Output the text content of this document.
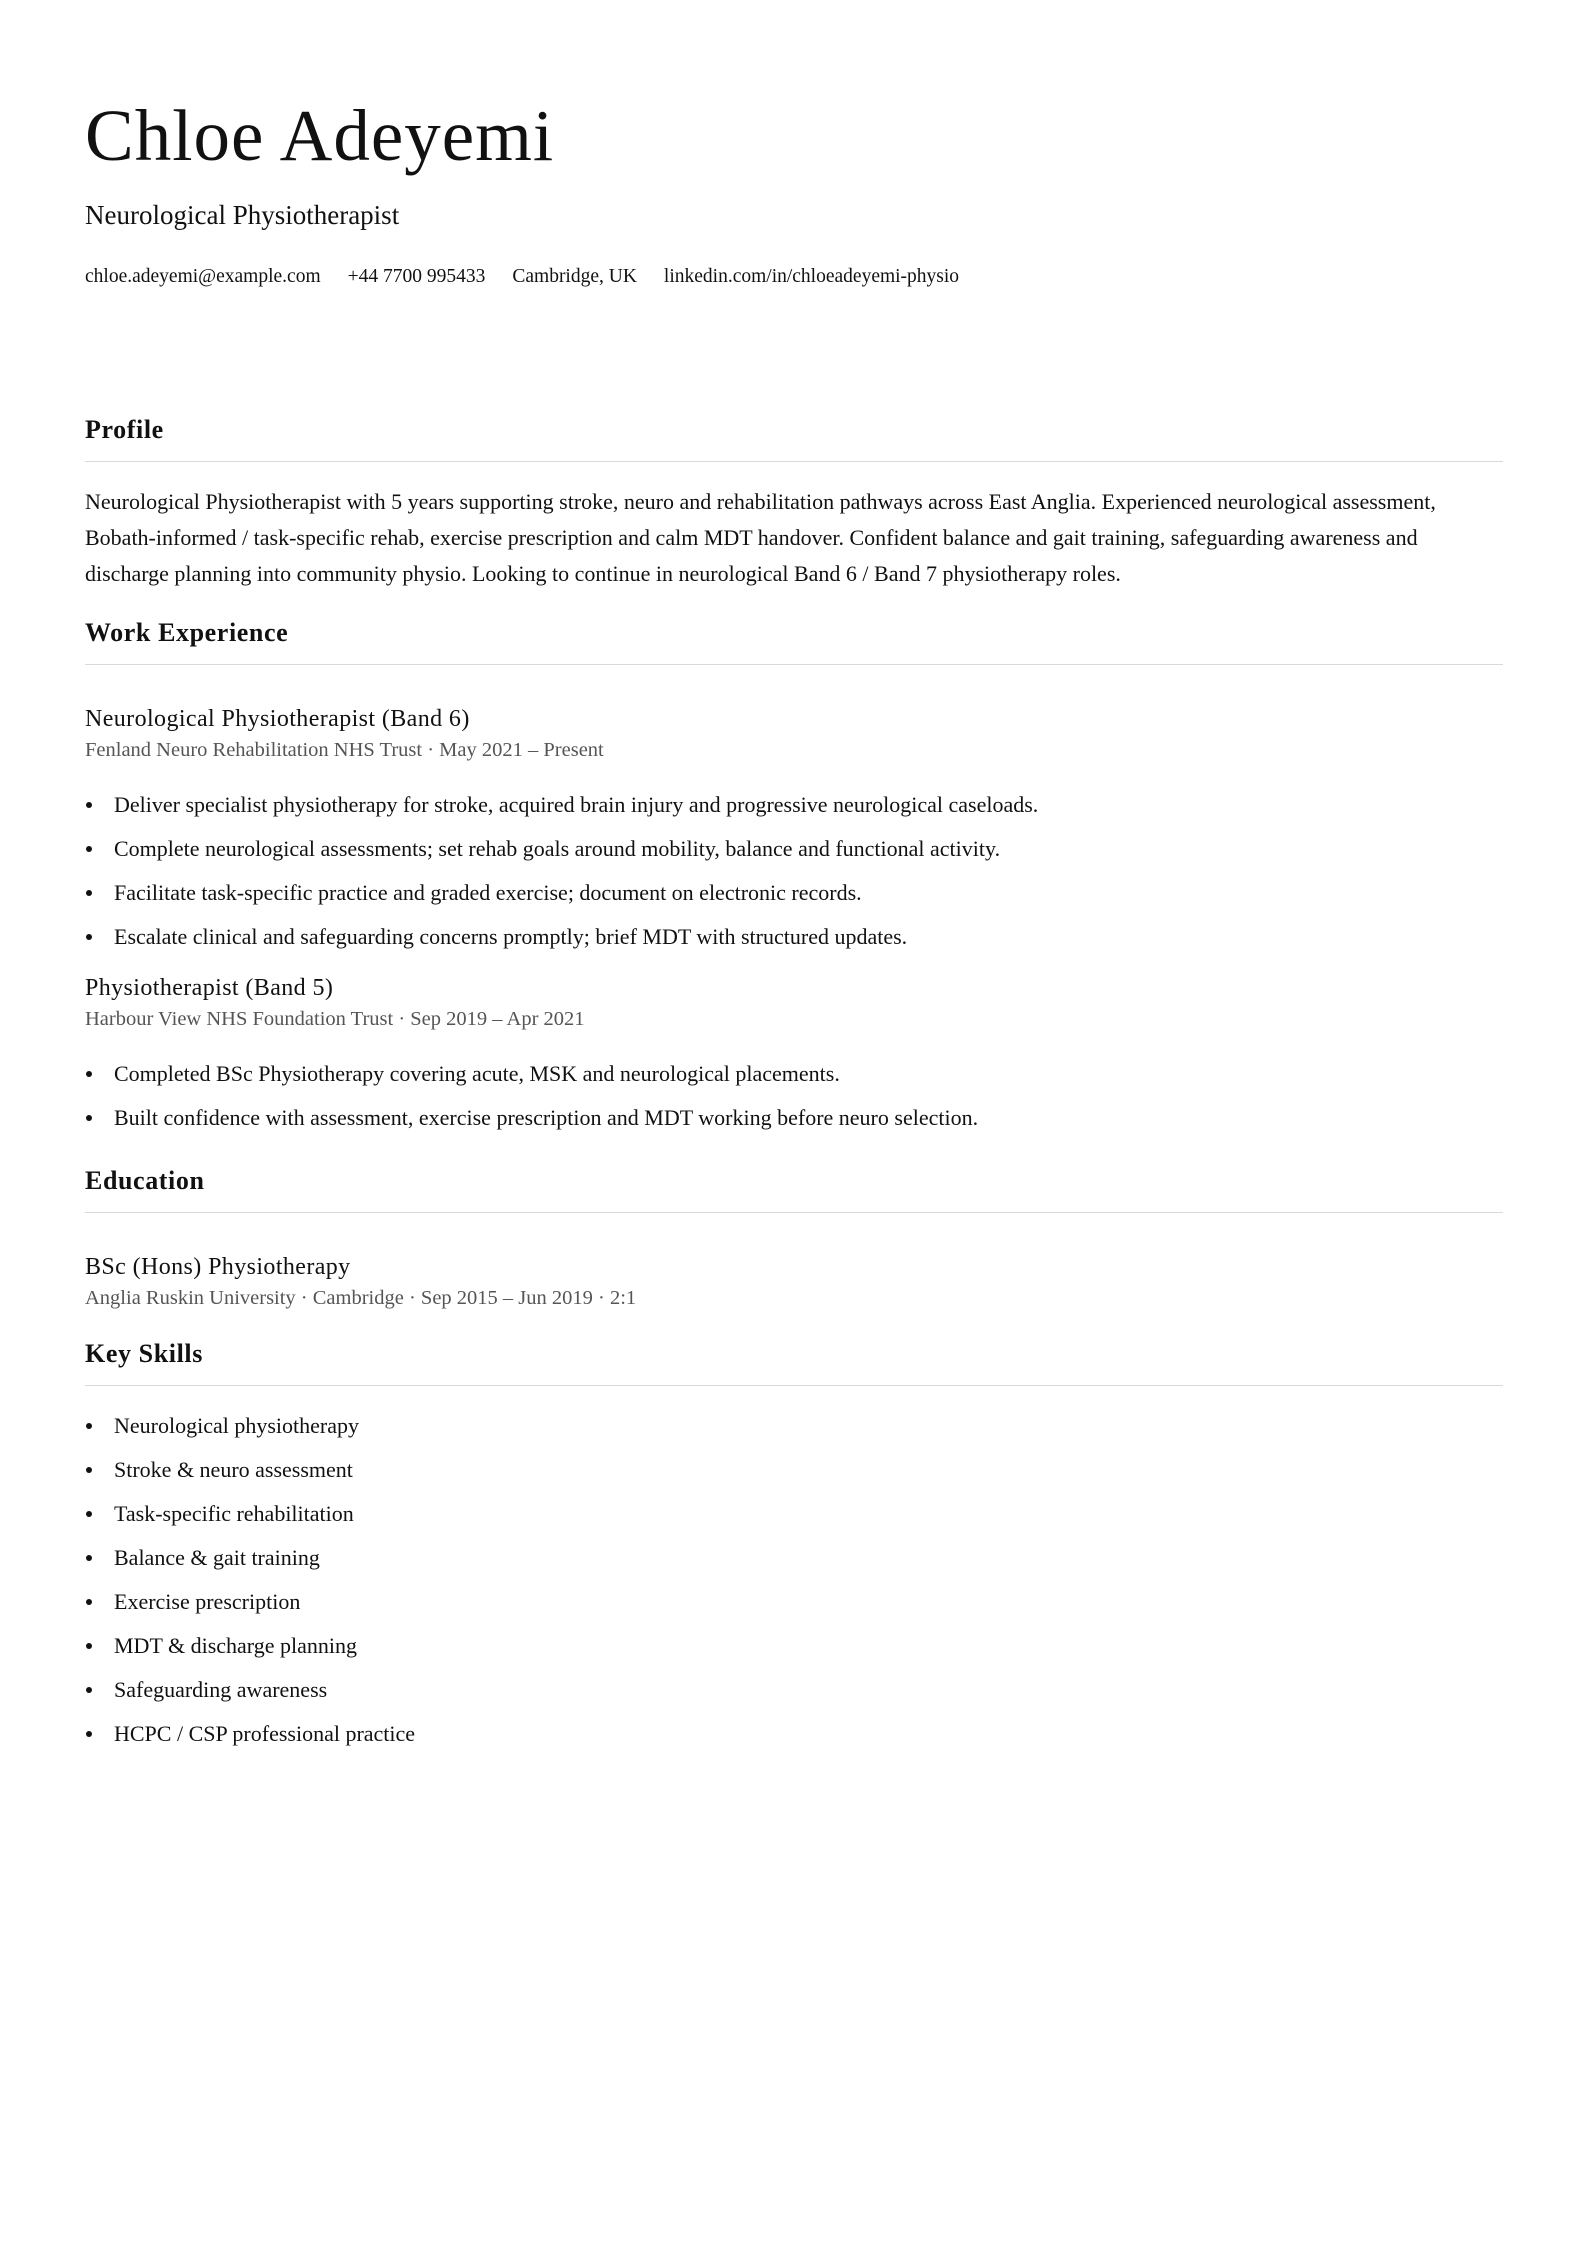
Chloe Adeyemi
Neurological Physiotherapist
chloe.adeyemi@example.com +44 7700 995433 Cambridge, UK linkedin.com/in/chloeadeyemi-physio
Profile

Neurological Physiotherapist with 5 years supporting stroke, neuro and rehabilitation pathways across East Anglia. Experienced neurological assessment, Bobath-informed / task-specific rehab, exercise prescription and calm MDT handover. Confident balance and gait training, safeguarding awareness and discharge planning into community physio. Looking to continue in neurological Band 6 / Band 7 physiotherapy roles.

Work Experience
Neurological Physiotherapist (Band 6)
Fenland Neuro Rehabilitation NHS Trust · May 2021 – Present
Deliver specialist physiotherapy for stroke, acquired brain injury and progressive neurological caseloads.
Complete neurological assessments; set rehab goals around mobility, balance and functional activity.
Facilitate task-specific practice and graded exercise; document on electronic records.
Escalate clinical and safeguarding concerns promptly; brief MDT with structured updates.
Physiotherapist (Band 5)
Harbour View NHS Foundation Trust · Sep 2019 – Apr 2021
Completed BSc Physiotherapy covering acute, MSK and neurological placements.
Built confidence with assessment, exercise prescription and MDT working before neuro selection.
Education
BSc (Hons) Physiotherapy
Anglia Ruskin University · Cambridge · Sep 2015 – Jun 2019 · 2:1
Key Skills
Neurological physiotherapy
Stroke & neuro assessment
Task-specific rehabilitation
Balance & gait training
Exercise prescription
MDT & discharge planning
Safeguarding awareness
HCPC / CSP professional practice
